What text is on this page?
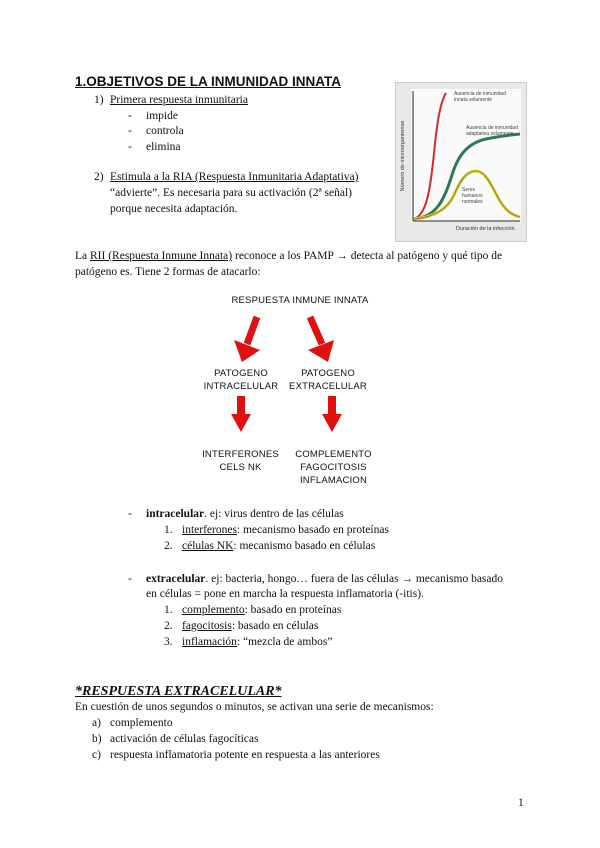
1.OBJETIVOS DE LA INMUNIDAD INNATA
1) Primera respuesta inmunitaria
- impide
- controla
- elimina
2) Estimula a la RIA (Respuesta Inmunitaria Adaptativa)
“advierte”. Es necesaria para su activación (2ª señal)
porque necesita adaptación.
Número de microorganismos
Ausencia de inmunidad
innata solamente
Ausencia de inmunidad
adaptativa solamente
Seres
humanos
normales
Duración de la infección
La RII (Respuesta Inmune Innata) reconoce a los PAMP → detecta al patógeno y qué tipo de
patógeno es. Tiene 2 formas de atacarlo:
RESPUESTA INMUNE INNATA
PATOGENO
INTRACELULAR
PATOGENO
EXTRACELULAR
INTERFERONES
CELS NK
COMPLEMENTO
FAGOCITOSIS
INFLAMACION
- intracelular. ej: virus dentro de las células
1. interferones: mecanismo basado en proteínas
2. células NK: mecanismo basado en células
- extracelular. ej: bacteria, hongo… fuera de las células → mecanismo basado
en células = pone en marcha la respuesta inflamatoria (-itis).
1. complemento: basado en proteínas
2. fagocitosis: basado en células
3. inflamación: “mezcla de ambos”
*RESPUESTA EXTRACELULAR*
En cuestión de unos segundos o minutos, se activan una serie de mecanismos:
a) complemento
b) activación de células fagocíticas
c) respuesta inflamatoria potente en respuesta a las anteriores
1
